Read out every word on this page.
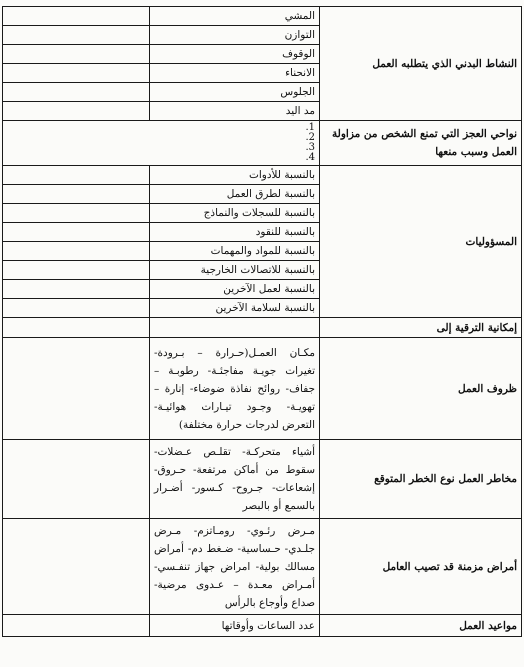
النشاط البدني الذي يتطلبه العمل	المشي	
	التوازن	
	الوقوف	
	الانحناء	
	الجلوس	
	مد اليد	
نواحي العجز التي تمنع الشخص من مزاولة العمل وسبب منعها	1.
2.
3.
4.	

المسؤوليات	بالنسبة للأدوات	
	بالنسبة لطرق العمل	
	بالنسبة للسجلات والنماذج	
	بالنسبة للنقود	
	بالنسبة للمواد والمهمات	
	بالنسبة للاتصالات الخارجية	
	بالنسبة لعمل الآخرين	
	بالنسبة لسلامة الآخرين	
إمكانية الترقية إلى		
ظروف العمل	مكـان العمـل(حـرارة – بـرودة- تغيرات جويـة مفاجئـة- رطوبـة – جفاف- روائح نفاذة ضوضاء- إنارة – تهويـة- وجـود تيـارات هوائيـة- التعرض لدرجات حرارة مختلفة)	
مخاطر العمل نوع الخطر المتوقع	أشياء متحركـة- تقلـص عـضلات- سقوط من أماكن مرتفعة- حـروق- إشعاعات- جـروح- كـسور- أضـرار بالسمع أو بالبصر	
أمراض مزمنة قد تصيب العامل	مـرض رئـوي- رومـاتزم- مـرض جلـدي- حـساسية- ضـغط دم- أمراض مسالك بولية- امراض جهاز تنفـسي- أمـراض معـدة – عـدوى مرضية- صداع وأوجاع بالرأس	
مواعيد العمل	عدد الساعات وأوقاتها	
